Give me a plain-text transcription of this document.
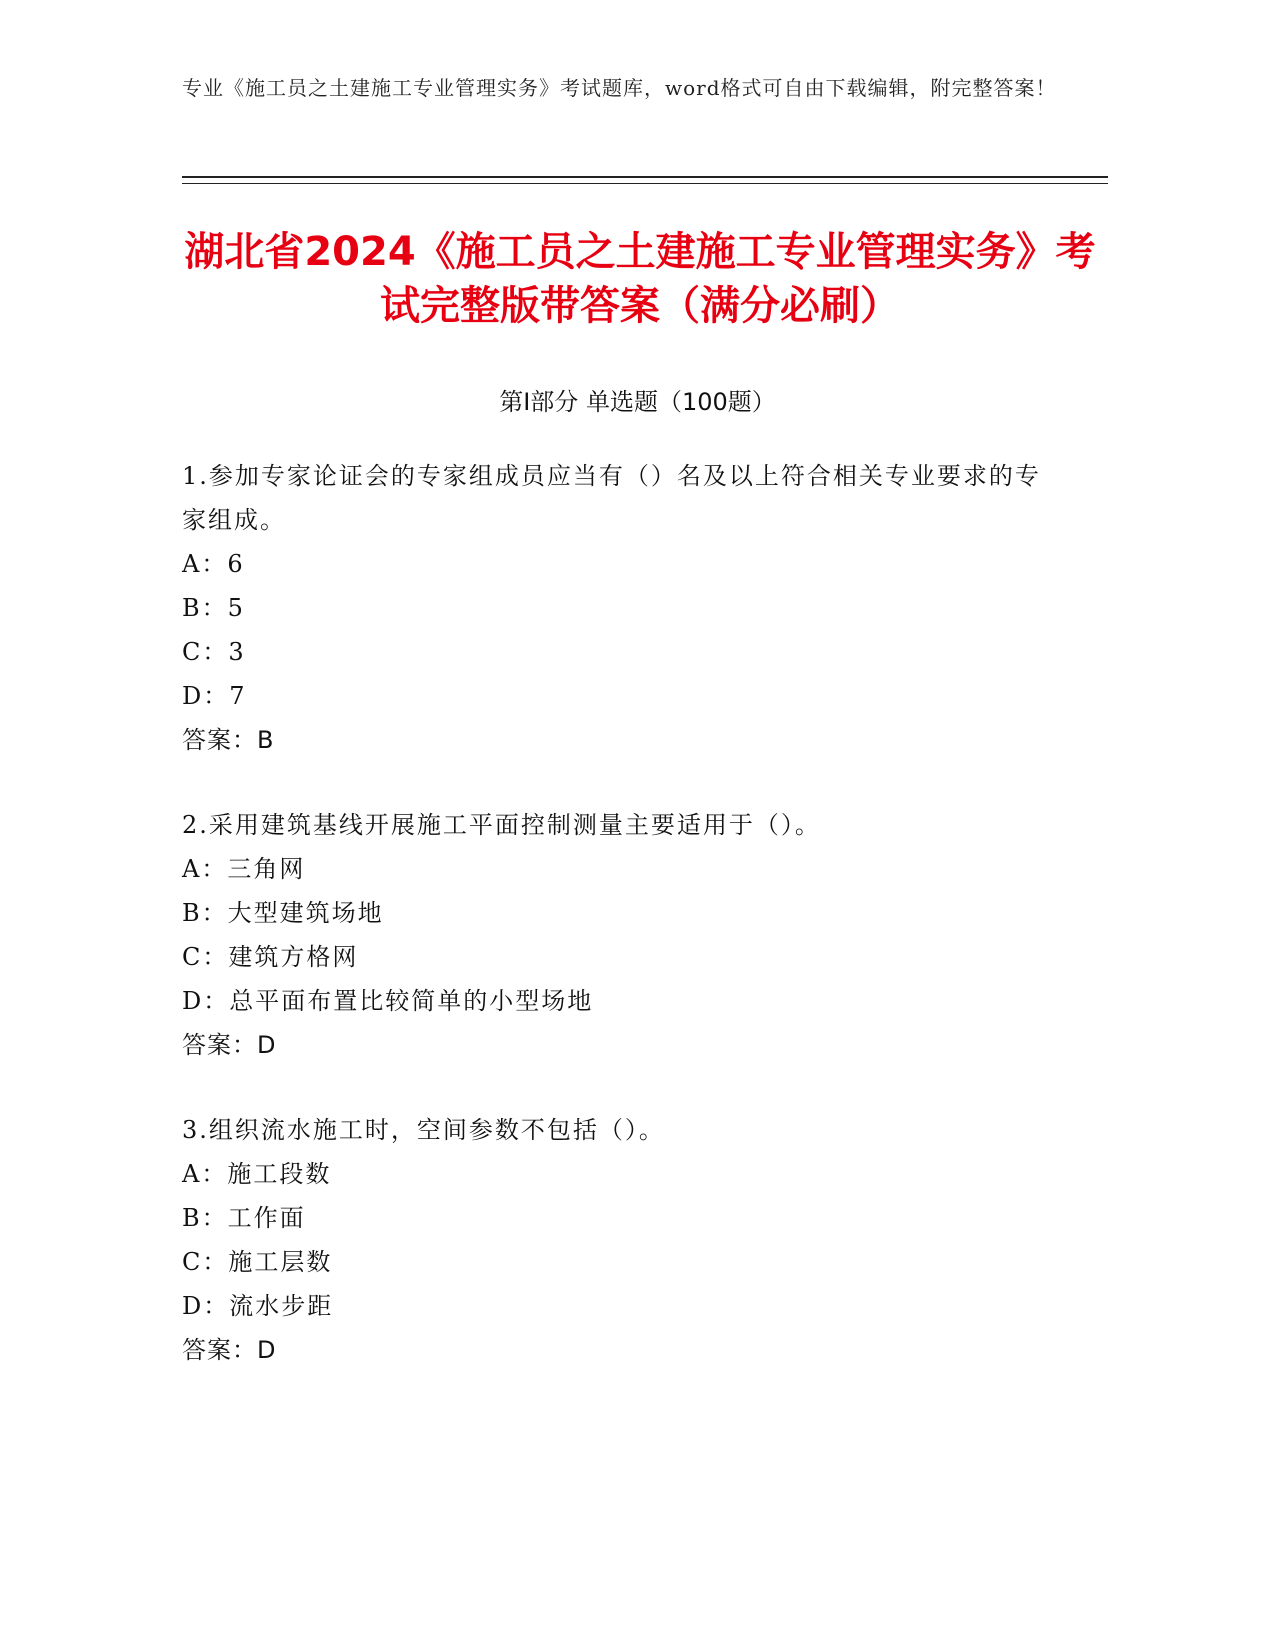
专业《施工员之土建施工专业管理实务》考试题库，word格式可自由下载编辑，附完整答案！
湖北省2024《施工员之土建施工专业管理实务》考试完整版带答案（满分必刷）
第Ⅰ部分 单选题（100题）
1.参加专家论证会的专家组成员应当有（）名及以上符合相关专业要求的专家组成。
A：6
B：5
C：3
D：7
答案：B
2.采用建筑基线开展施工平面控制测量主要适用于（）。
A：三角网
B：大型建筑场地
C：建筑方格网
D：总平面布置比较简单的小型场地
答案：D
3.组织流水施工时，空间参数不包括（）。
A：施工段数
B：工作面
C：施工层数
D：流水步距
答案：D
